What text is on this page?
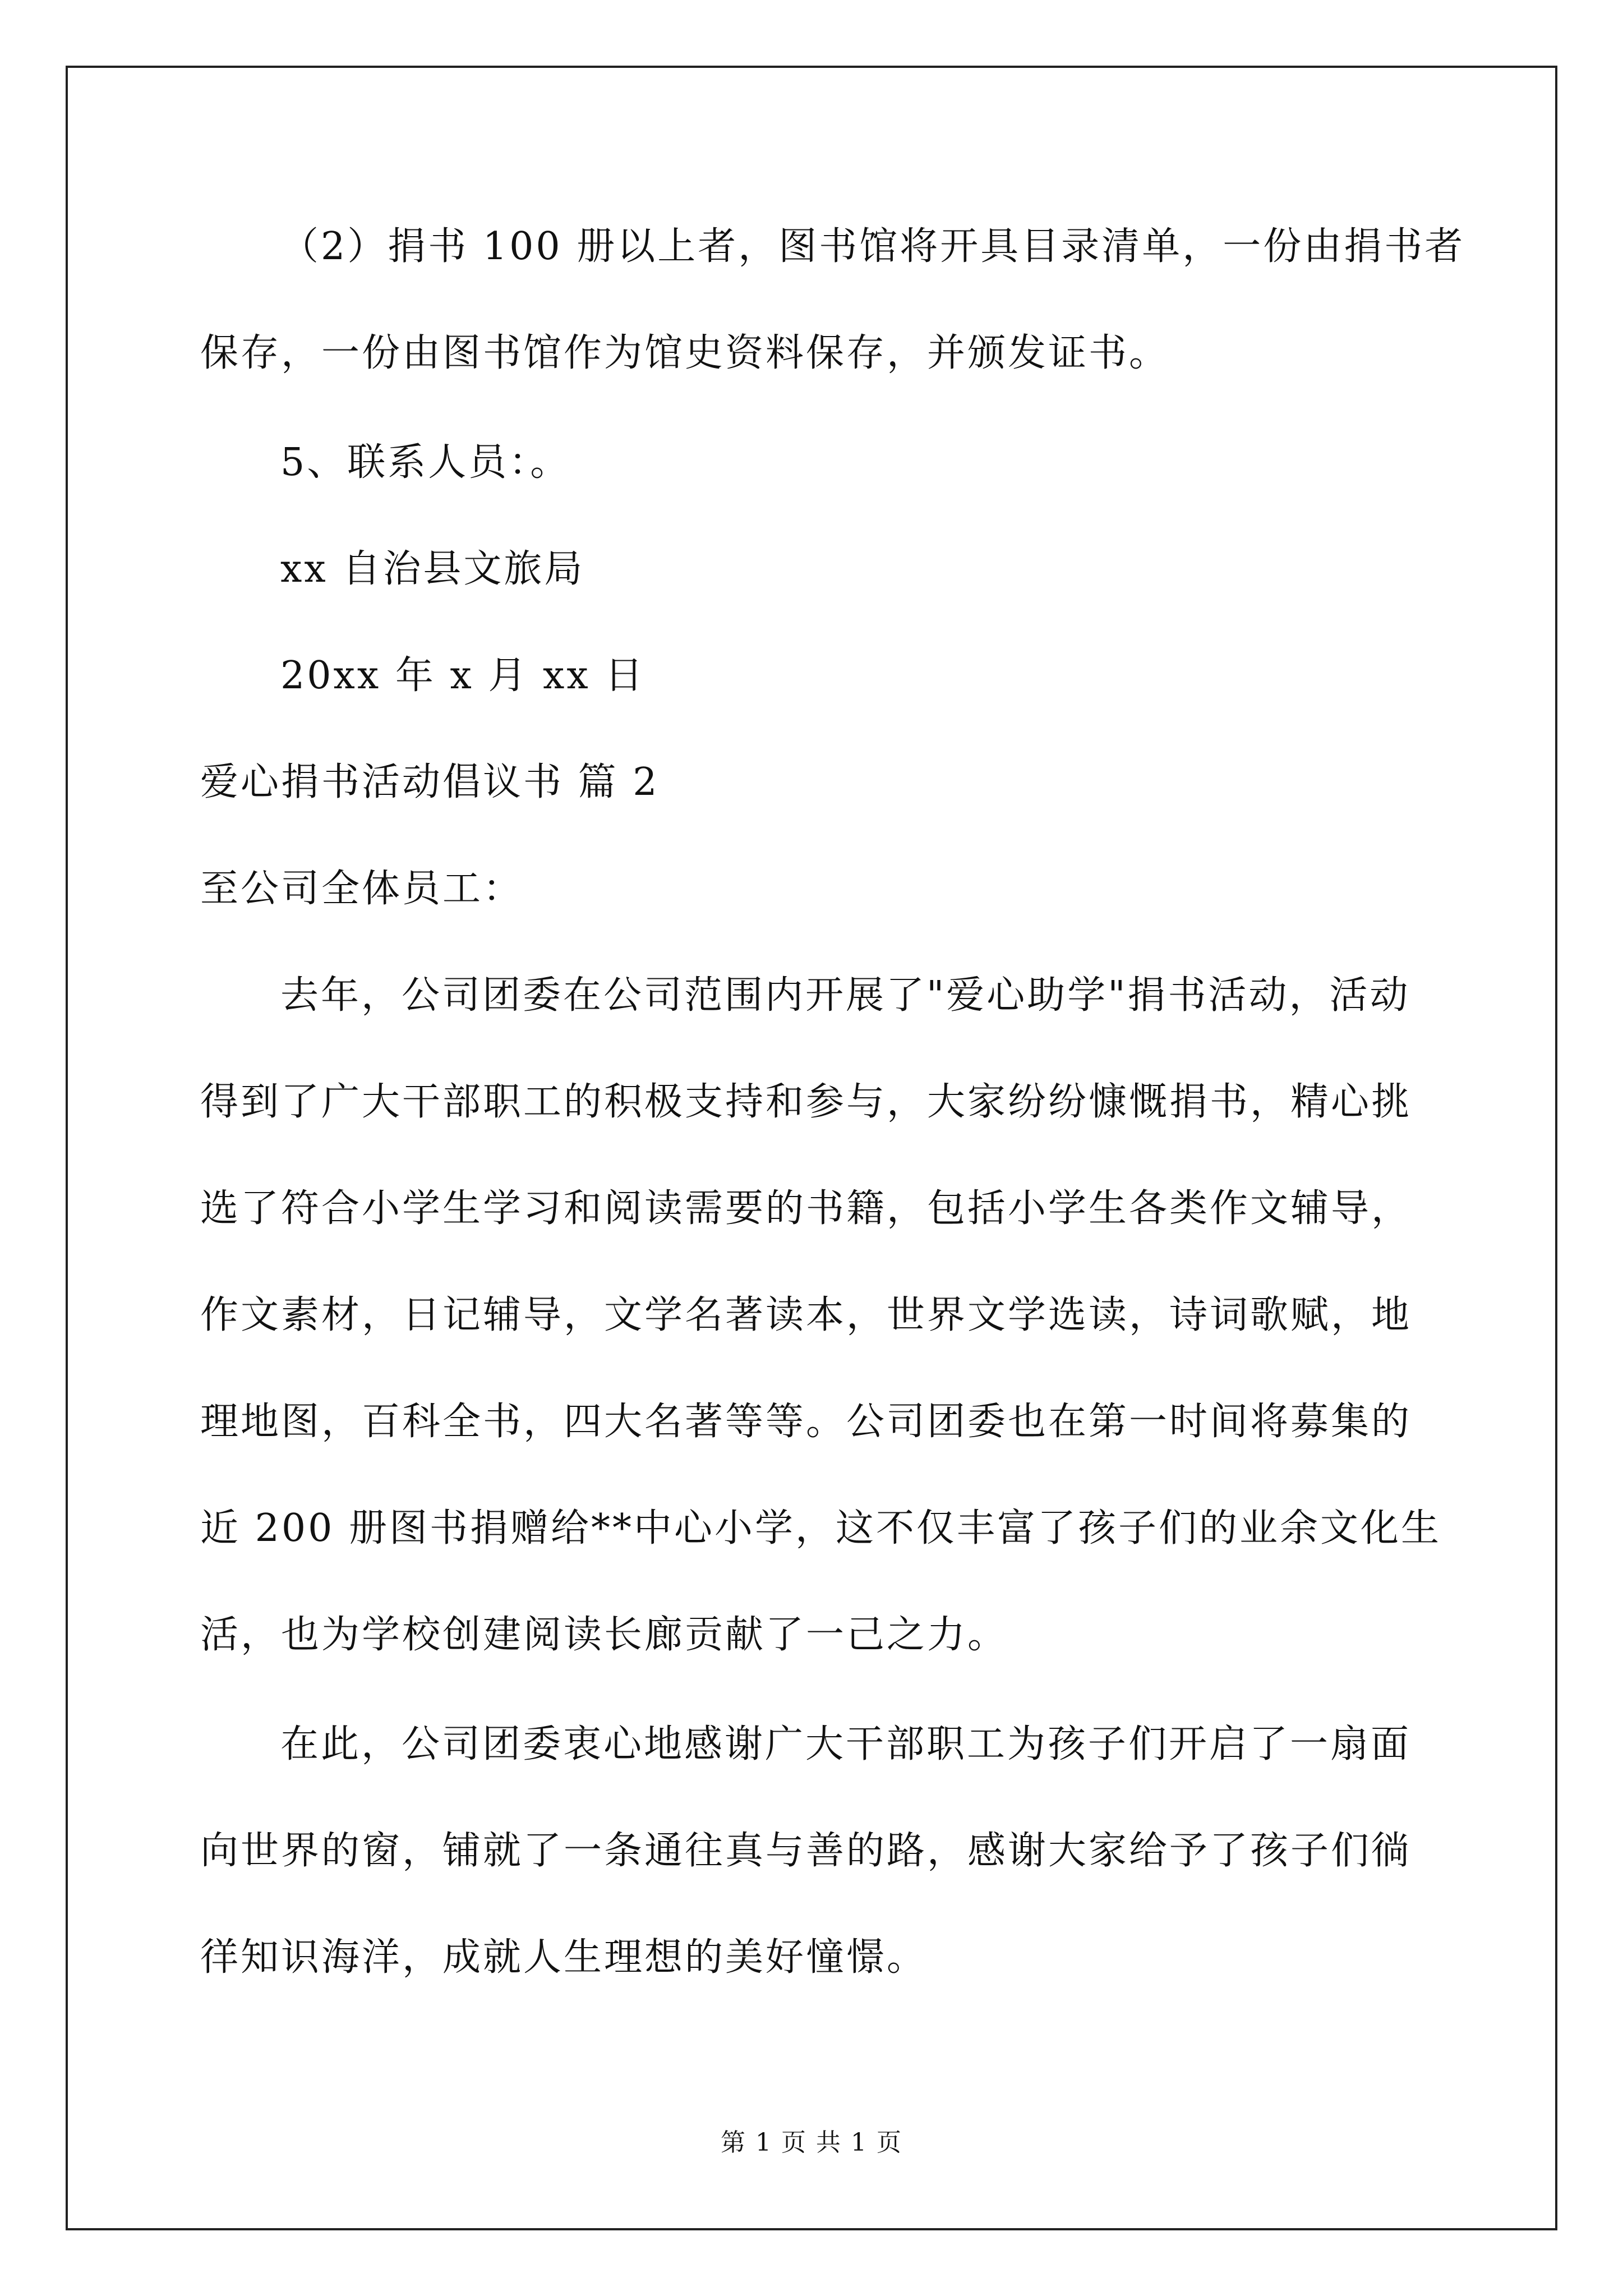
（2）捐书 100 册以上者，图书馆将开具目录清单，一份由捐书者
保存，一份由图书馆作为馆史资料保存，并颁发证书。
5、联系人员：。
xx 自治县文旅局
20xx 年 x 月 xx 日
爱心捐书活动倡议书 篇 2
至公司全体员工：
去年，公司团委在公司范围内开展了"爱心助学"捐书活动，活动
得到了广大干部职工的积极支持和参与，大家纷纷慷慨捐书，精心挑
选了符合小学生学习和阅读需要的书籍，包括小学生各类作文辅导，
作文素材，日记辅导，文学名著读本，世界文学选读，诗词歌赋，地
理地图，百科全书，四大名著等等。公司团委也在第一时间将募集的
近 200 册图书捐赠给**中心小学，这不仅丰富了孩子们的业余文化生
活，也为学校创建阅读长廊贡献了一己之力。
在此，公司团委衷心地感谢广大干部职工为孩子们开启了一扇面
向世界的窗，铺就了一条通往真与善的路，感谢大家给予了孩子们徜
徉知识海洋，成就人生理想的美好憧憬。
第 1 页 共 1 页
